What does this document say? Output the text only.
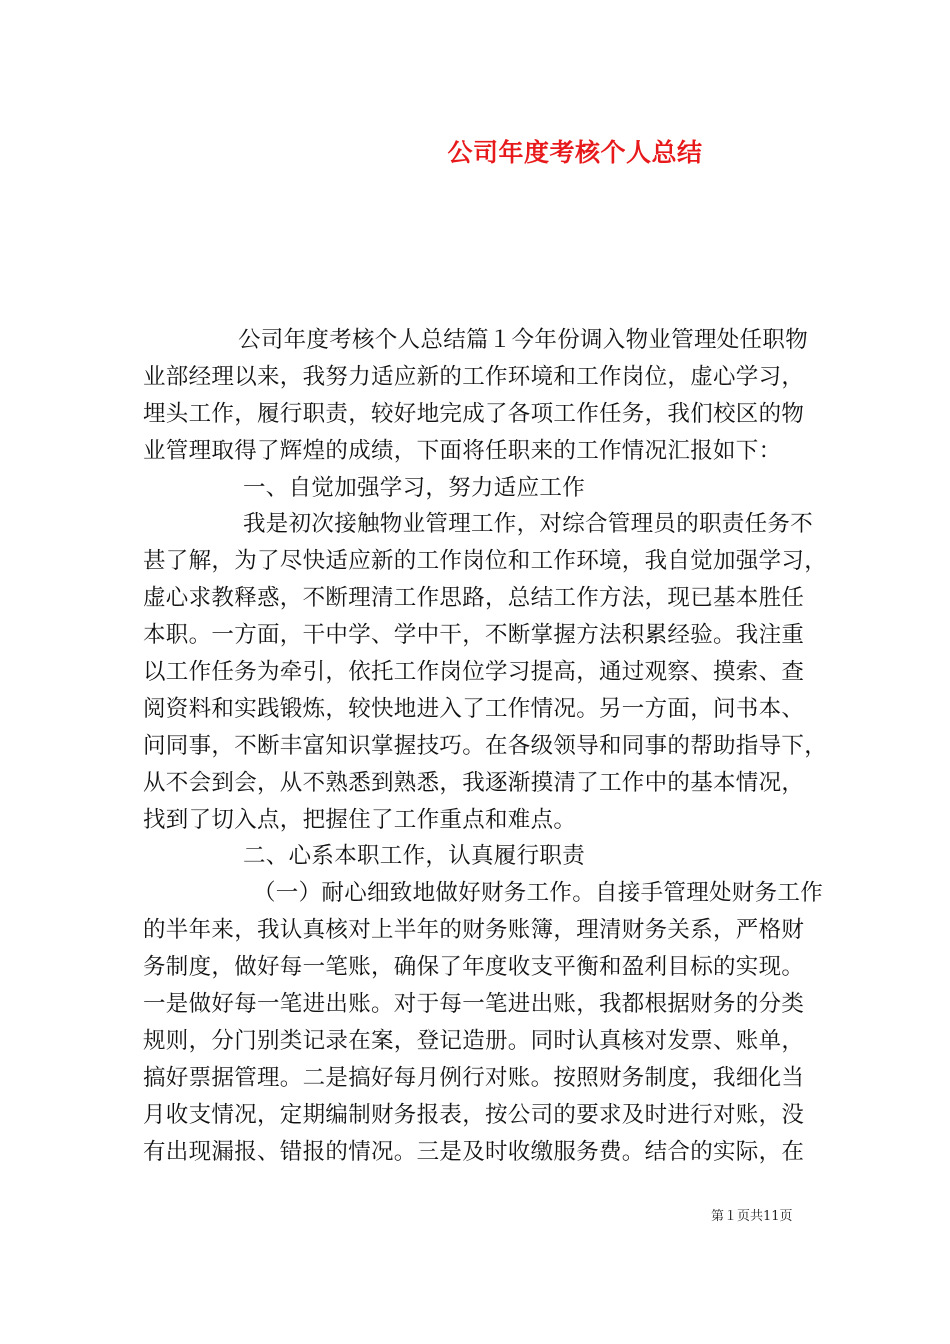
公司年度考核个人总结
公司年度考核个人总结篇１今年份调入物业管理处任职物
业部经理以来，我努力适应新的工作环境和工作岗位，虚心学习，
埋头工作，履行职责，较好地完成了各项工作任务，我们校区的物
业管理取得了辉煌的成绩，下面将任职来的工作情况汇报如下：
一、自觉加强学习，努力适应工作
我是初次接触物业管理工作，对综合管理员的职责任务不
甚了解，为了尽快适应新的工作岗位和工作环境，我自觉加强学习，
虚心求教释惑，不断理清工作思路，总结工作方法，现已基本胜任
本职。一方面，干中学、学中干，不断掌握方法积累经验。我注重
以工作任务为牵引，依托工作岗位学习提高，通过观察、摸索、查
阅资料和实践锻炼，较快地进入了工作情况。另一方面，问书本、
问同事，不断丰富知识掌握技巧。在各级领导和同事的帮助指导下，
从不会到会，从不熟悉到熟悉，我逐渐摸清了工作中的基本情况，
找到了切入点，把握住了工作重点和难点。
二、心系本职工作，认真履行职责
（一）耐心细致地做好财务工作。自接手管理处财务工作
的半年来，我认真核对上半年的财务账簿，理清财务关系，严格财
务制度，做好每一笔账，确保了年度收支平衡和盈利目标的实现。
一是做好每一笔进出账。对于每一笔进出账，我都根据财务的分类
规则，分门别类记录在案，登记造册。同时认真核对发票、账单，
搞好票据管理。二是搞好每月例行对账。按照财务制度，我细化当
月收支情况，定期编制财务报表，按公司的要求及时进行对账，没
有出现漏报、错报的情况。三是及时收缴服务费。结合的实际，在
第１页共11页
